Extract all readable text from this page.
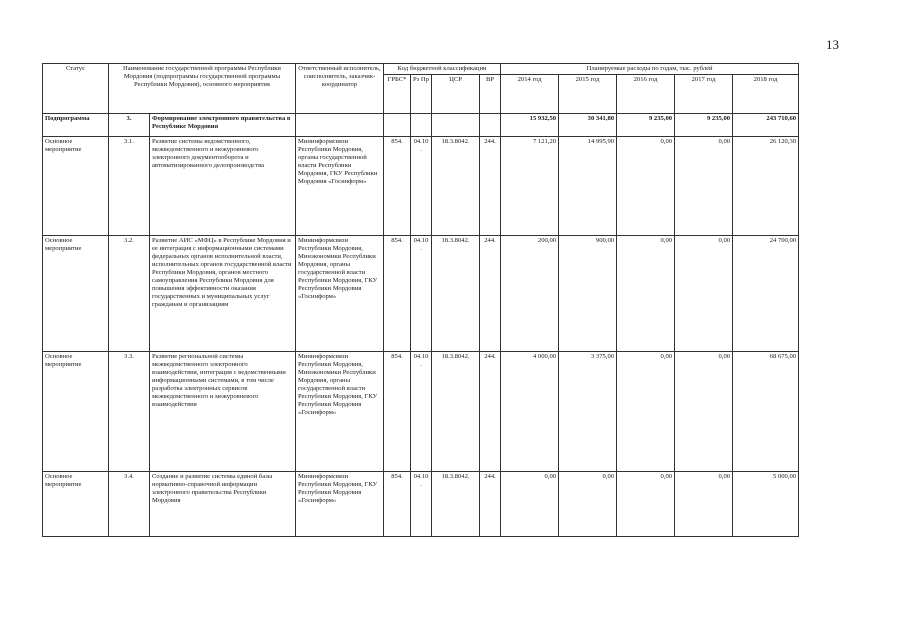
13
Статус	Наименование государственной программы Республики Мордовия (подпрограммы государственной программы Республики Мордовия), основного мероприятия		Ответственный исполнитель, соисполнитель, заказчик-координатор	Код бюджетной классификации				Планируемые расходы по годам, тыс. рублей				
				ГРБС*	Рз Пр	ЦСР	ВР	2014 год	2015 год	2016 год	2017 год	2018 год
Подпрограмма	3.	Формирование электронного правительства в Республике Мордовия						15 932,50	30 341,80	9 235,00	9 235,00	243 710,60
Основное мероприятие	3.1.	Развитие системы ведомственного, межведомственного и межуровневого электронного документооборота и автоматизированного делопроизводства	Мининформсвязи Республики Мордовия, органы государственной власти Республики Мордовия, ГКУ Республики Мордовия «Госинформ»	854.	04.10.	18.3.8042.	244.	7 121,20	14 995,90	0,00	0,00	26 120,30
Основное мероприятие	3.2.	Развитие АИС «МФЦ» в Республике Мордовия и ее интеграция с информационными системами федеральных органов исполнительной власти, исполнительных органов государственной власти Республики Мордовия, органов местного самоуправления Республики Мордовия для повышения эффективности оказания государственных и муниципальных услуг гражданам и организациям	Мининформсвязи Республики Мордовия, Минэкономики Республики Мордовия, органы государственной власти Республики Мордовия, ГКУ Республики Мордовия «Госинформ»	854.	04.10.	18.3.8042.	244.	200,00	900,00	0,00	0,00	24 700,00
Основное мероприятие	3.3.	Развитие региональной системы межведомственного электронного взаимодействия, интеграция с ведомственными информационными системами, в том числе разработка электронных сервисов межведомственного и межуровневого взаимодействия	Мининформсвязи Республики Мордовия, Минэкономики Республики Мордовия, органы государственной власти Республики Мордовия, ГКУ Республики Мордовия «Госинформ»	854.	04.10.	18.3.8042.	244.	4 000,00	3 375,00	0,00	0,00	68 675,00
Основное мероприятие	3.4.	Создание и развитие системы единой базы нормативно-справочной информации электронного правительства Республики Мордовия	Мининформсвязи Республики Мордовия, ГКУ Республики Мордовия «Госинформ»	854.	04.10.	18.3.8042.	244.	0,00	0,00	0,00	0,00	5 000,00
